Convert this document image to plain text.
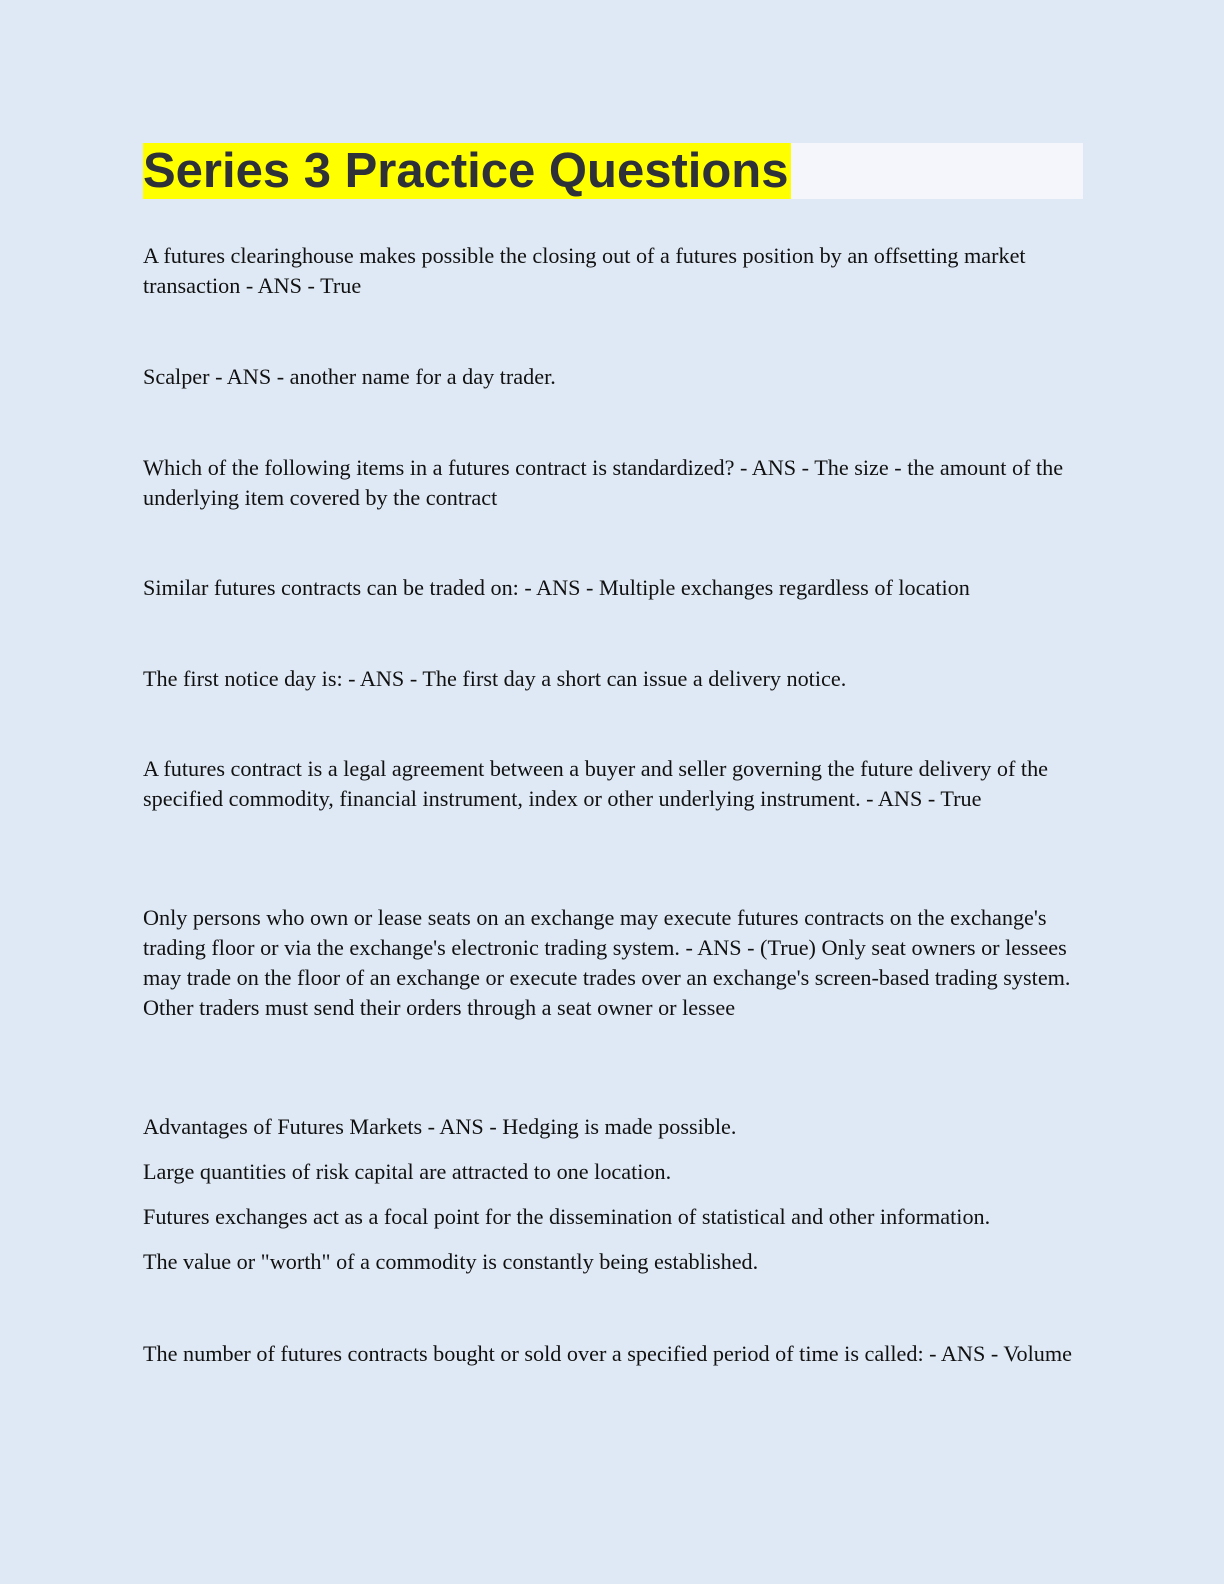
Series 3 Practice Questions

A futures clearinghouse makes possible the closing out of a futures position by an offsetting market transaction - ANS - True

Scalper - ANS - another name for a day trader.

Which of the following items in a futures contract is standardized? - ANS - The size - the amount of the underlying item covered by the contract

Similar futures contracts can be traded on: - ANS - Multiple exchanges regardless of location

The first notice day is: - ANS - The first day a short can issue a delivery notice.

A futures contract is a legal agreement between a buyer and seller governing the future delivery of the specified commodity, financial instrument, index or other underlying instrument. - ANS - True

Only persons who own or lease seats on an exchange may execute futures contracts on the exchange's trading floor or via the exchange's electronic trading system. - ANS - (True) Only seat owners or lessees may trade on the floor of an exchange or execute trades over an exchange's screen-based trading system. Other traders must send their orders through a seat owner or lessee

Advantages of Futures Markets - ANS - Hedging is made possible.

Large quantities of risk capital are attracted to one location.

Futures exchanges act as a focal point for the dissemination of statistical and other information.

The value or "worth" of a commodity is constantly being established.

The number of futures contracts bought or sold over a specified period of time is called: - ANS - Volume
